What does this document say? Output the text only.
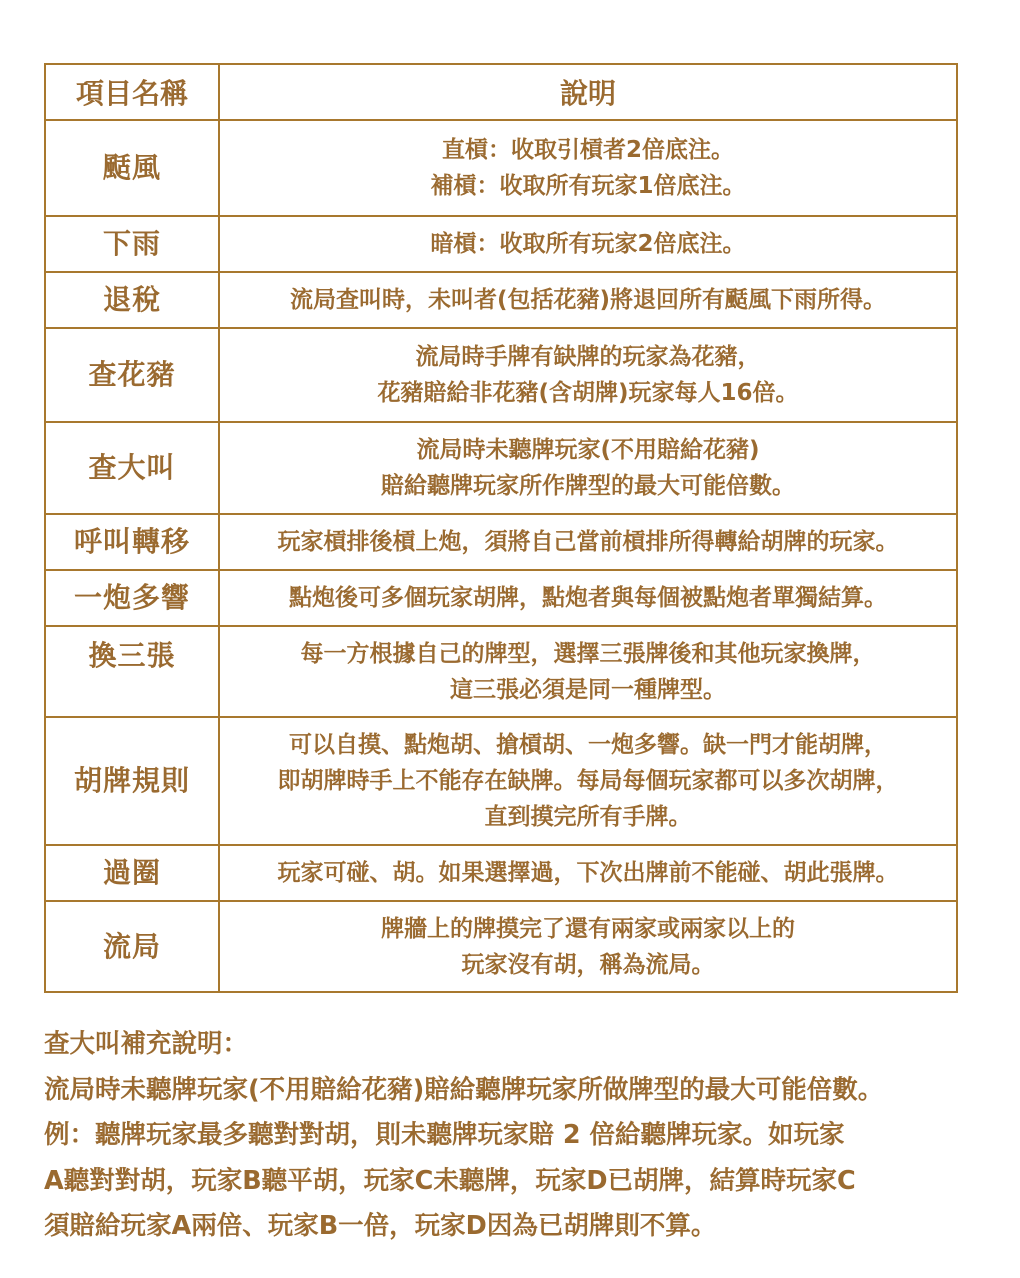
項目名稱	說明
颳風	直槓：收取引槓者2倍底注。
補槓：收取所有玩家1倍底注。

下雨	暗槓：收取所有玩家2倍底注。

退稅	流局查叫時，未叫者(包括花豬)將退回所有颳風下雨所得。

查花豬	流局時手牌有缺牌的玩家為花豬，
花豬賠給非花豬(含胡牌)玩家每人16倍。

查大叫	流局時未聽牌玩家(不用賠給花豬)
賠給聽牌玩家所作牌型的最大可能倍數。

呼叫轉移	玩家槓排後槓上炮，須將自己當前槓排所得轉給胡牌的玩家。

一炮多響	點炮後可多個玩家胡牌，點炮者與每個被點炮者單獨結算。

換三張	每一方根據自己的牌型，選擇三張牌後和其他玩家換牌，
這三張必須是同一種牌型。

胡牌規則	可以自摸、點炮胡、搶槓胡、一炮多響。缺一門才能胡牌，
即胡牌時手上不能存在缺牌。每局每個玩家都可以多次胡牌，
直到摸完所有手牌。

過圈	玩家可碰、胡。如果選擇過，下次出牌前不能碰、胡此張牌。

流局	牌牆上的牌摸完了還有兩家或兩家以上的
玩家沒有胡，稱為流局。
查大叫補充說明：
流局時未聽牌玩家(不用賠給花豬)賠給聽牌玩家所做牌型的最大可能倍數。
例：聽牌玩家最多聽對對胡，則未聽牌玩家賠 2 倍給聽牌玩家。如玩家
A聽對對胡，玩家B聽平胡，玩家C未聽牌，玩家D已胡牌，結算時玩家C
須賠給玩家A兩倍、玩家B一倍，玩家D因為已胡牌則不算。
